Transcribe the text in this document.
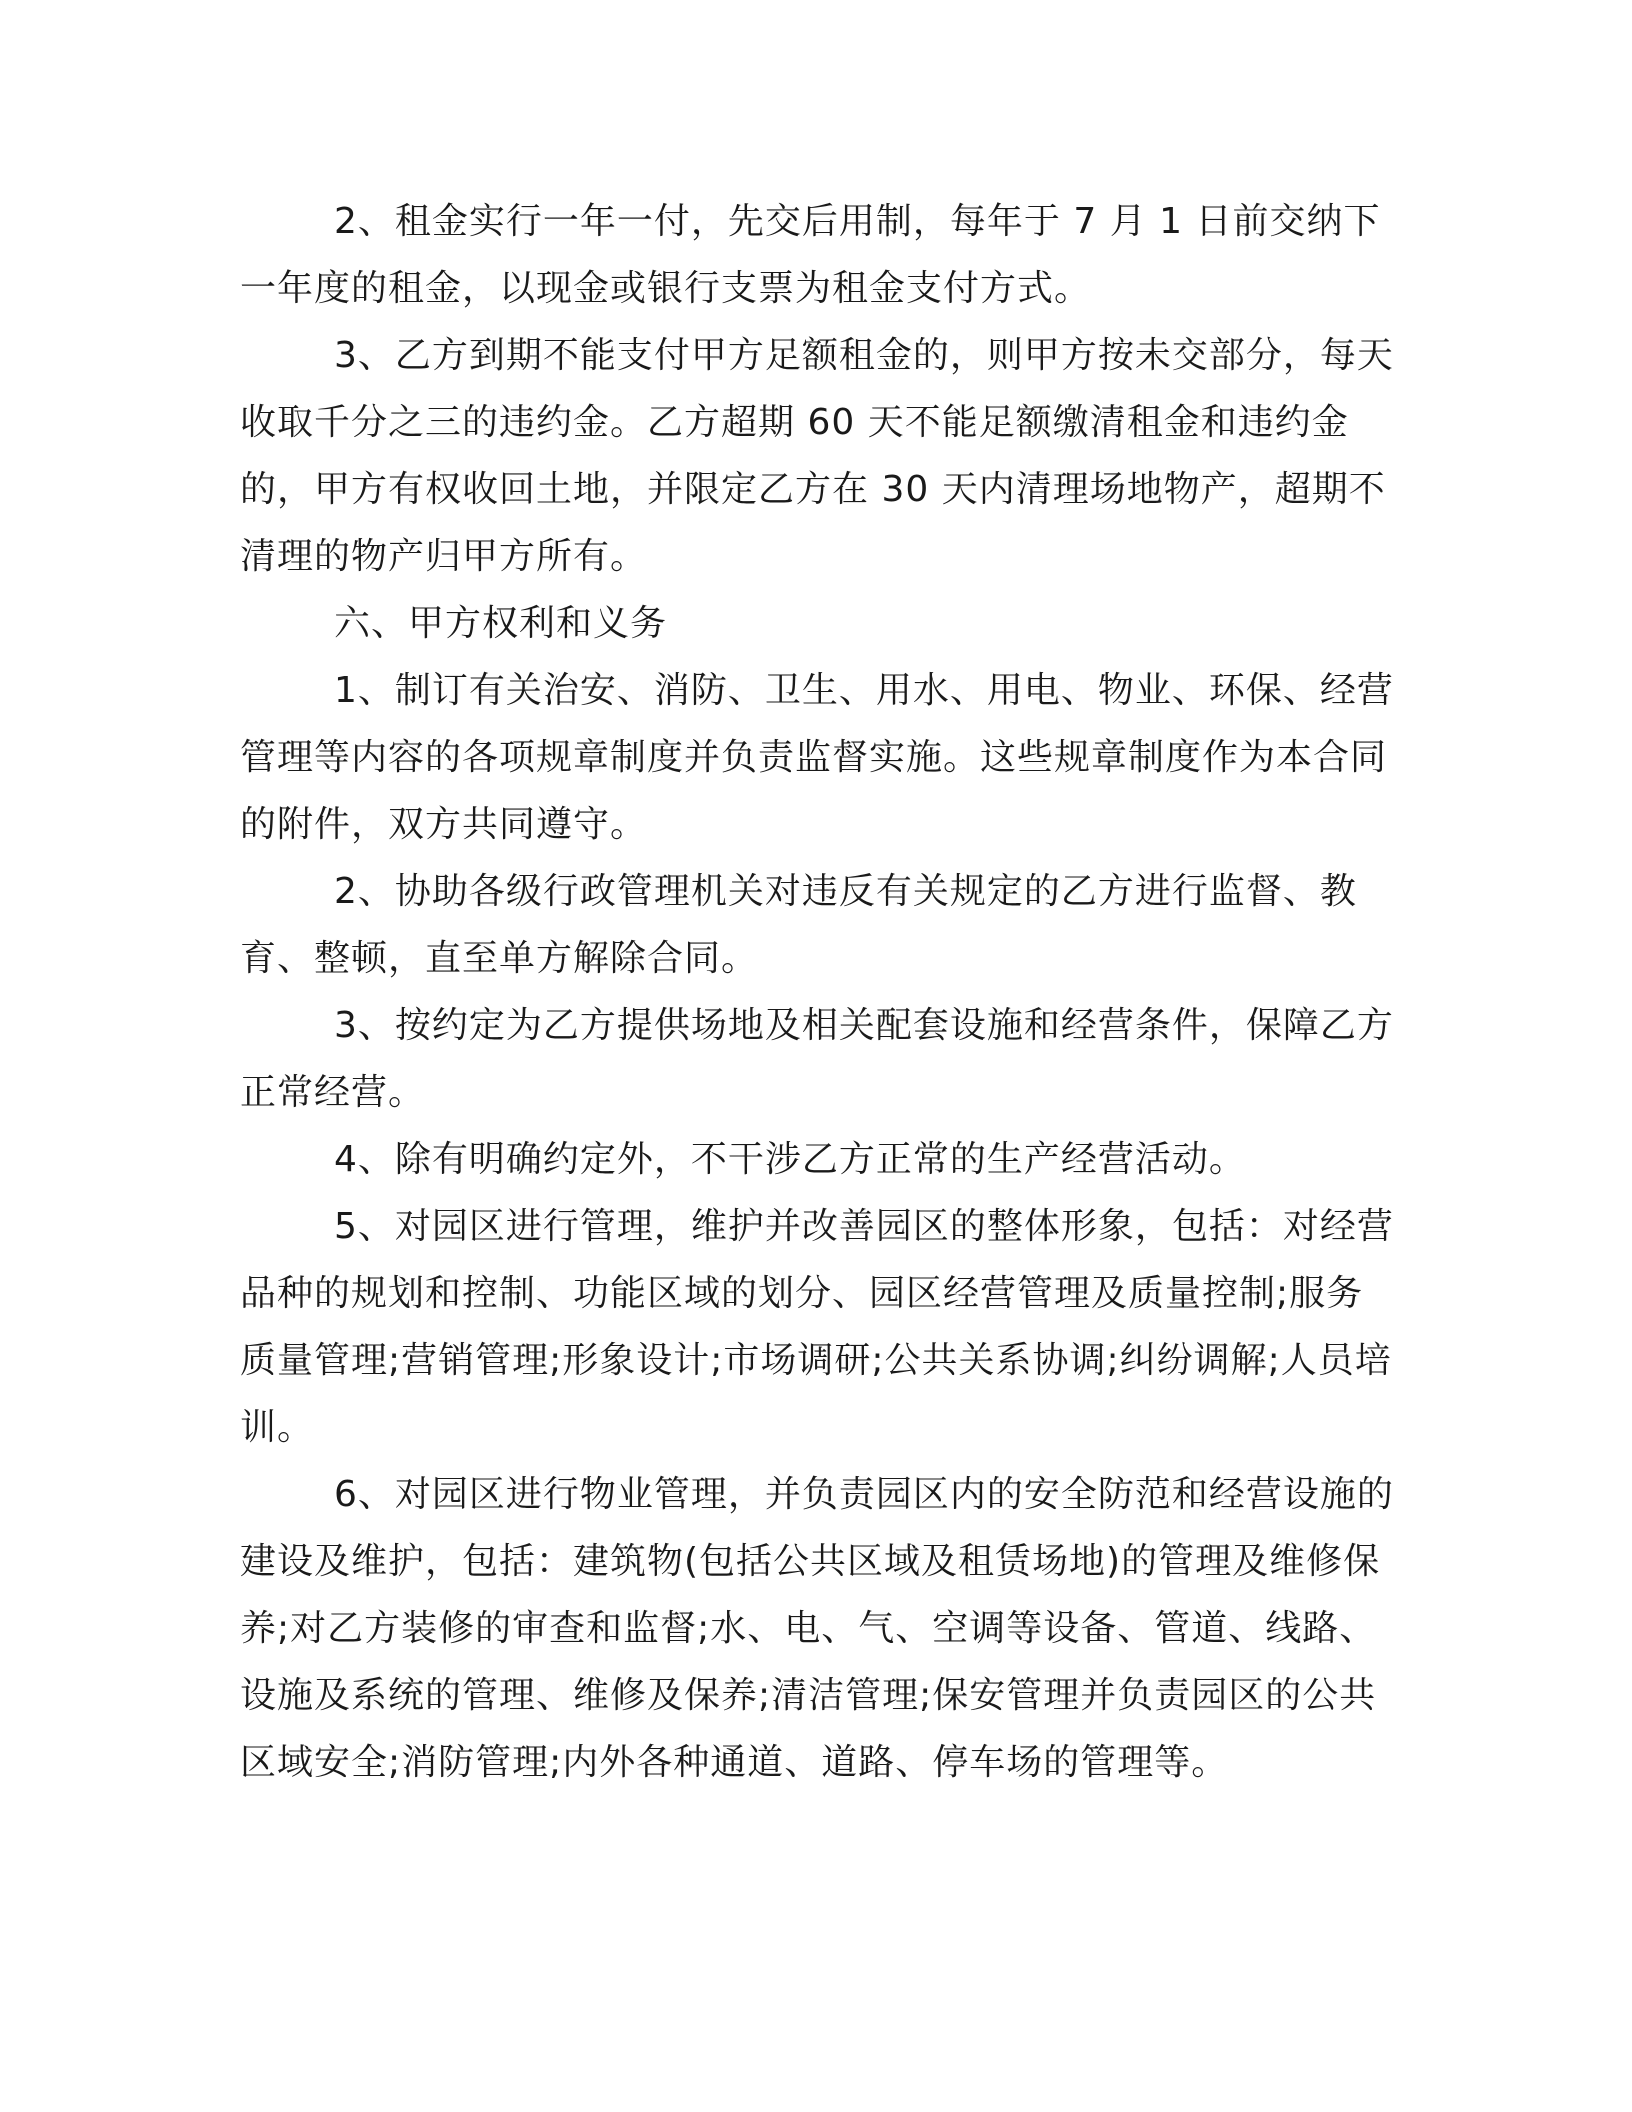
2、租金实行一年一付，先交后用制，每年于 7 月 1 日前交纳下一年度的租金，以现金或银行支票为租金支付方式。

3、乙方到期不能支付甲方足额租金的，则甲方按未交部分，每天收取千分之三的违约金。乙方超期 60 天不能足额缴清租金和违约金的，甲方有权收回土地，并限定乙方在 30 天内清理场地物产，超期不清理的物产归甲方所有。

六、甲方权利和义务

1、制订有关治安、消防、卫生、用水、用电、物业、环保、经营管理等内容的各项规章制度并负责监督实施。这些规章制度作为本合同的附件，双方共同遵守。

2、协助各级行政管理机关对违反有关规定的乙方进行监督、教育、整顿，直至单方解除合同。

3、按约定为乙方提供场地及相关配套设施和经营条件，保障乙方正常经营。

4、除有明确约定外，不干涉乙方正常的生产经营活动。

5、对园区进行管理，维护并改善园区的整体形象，包括：对经营品种的规划和控制、功能区域的划分、园区经营管理及质量控制;服务质量管理;营销管理;形象设计;市场调研;公共关系协调;纠纷调解;人员培训。

6、对园区进行物业管理，并负责园区内的安全防范和经营设施的建设及维护，包括：建筑物(包括公共区域及租赁场地)的管理及维修保养;对乙方装修的审查和监督;水、电、气、空调等设备、管道、线路、设施及系统的管理、维修及保养;清洁管理;保安管理并负责园区的公共区域安全;消防管理;内外各种通道、道路、停车场的管理等。
